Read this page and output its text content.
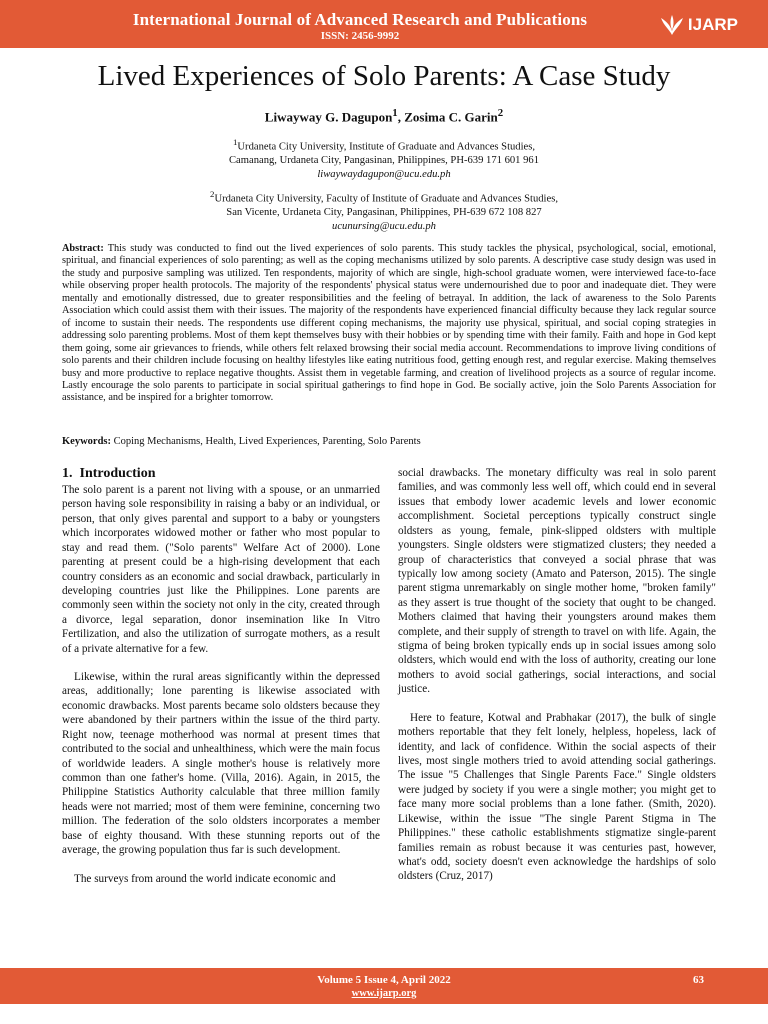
International Journal of Advanced Research and Publications
ISSN: 2456-9992
IJARP
Lived Experiences of Solo Parents: A Case Study
Liwayway G. Dagupon$^1$, Zosima C. Garin$^2$
$^1$Urdaneta City University, Institute of Graduate and Advances Studies,
Camanang, Urdaneta City, Pangasinan, Philippines, PH-639 171 601 961
liwaywaydagupon@ucu.edu.ph
$^2$Urdaneta City University, Faculty of Institute of Graduate and Advances Studies,
San Vicente, Urdaneta City, Pangasinan, Philippines, PH-639 672 108 827
ucunursing@ucu.edu.ph
Abstract: This study was conducted to find out the lived experiences of solo parents. This study tackles the physical, psychological, social, emotional, spiritual, and financial experiences of solo parenting; as well as the coping mechanisms utilized by solo parents. A descriptive case study design was used in the study and purposive sampling was utilized. Ten respondents, majority of which are single, high-school graduate women, were interviewed face-to-face while observing proper health protocols. The majority of the respondents' physical status were undernourished due to poor and inadequate diet. They were mentally and emotionally distressed, due to greater responsibilities and the feeling of betrayal. In addition, the lack of awareness to the Solo Parents Association which could assist them with their issues. The majority of the respondents have experienced financial difficulty because they lack regular source of income to sustain their needs. The respondents use different coping mechanisms, the majority use physical, spiritual, and social coping strategies in addressing solo parenting problems. Most of them kept themselves busy with their hobbies or by spending time with their family. Faith and hope in God kept them going, some air grievances to friends, while others felt relaxed browsing their social media account. Recommendations to improve living conditions of solo parents and their children include focusing on healthy lifestyles like eating nutritious food, getting enough rest, and regular exercise. Making themselves busy and more productive to replace negative thoughts. Assist them in vegetable farming, and creation of livelihood projects as a source of regular income. Lastly encourage the solo parents to participate in social spiritual gatherings to find hope in God. Be socially active, join the Solo Parents Association for assistance, and be inspired for a brighter tomorrow.
Keywords: Coping Mechanisms, Health, Lived Experiences, Parenting, Solo Parents
1. Introduction

The solo parent is a parent not living with a spouse, or an unmarried person having sole responsibility in raising a baby or an individual, or person, that only gives parental and support to a baby or youngsters which incorporates widowed mother or father who most popular to stay and read them. ("Solo parents" Welfare Act of 2000). Lone parenting at present could be a high-rising development that each country considers as an economic and social drawback, particularly in developing countries just like the Philippines. Lone parents are commonly seen within the society not only in the city, created through a divorce, legal separation, donor insemination like In Vitro Fertilization, and also the utilization of surrogate mothers, as a result of a private alternative for a few.

Likewise, within the rural areas significantly within the depressed areas, additionally; lone parenting is likewise associated with economic drawbacks. Most parents became solo oldsters because they were abandoned by their partners within the issue of the third party. Right now, teenage motherhood was normal at present times that contributed to the social and unhealthiness, which were the main focus of worldwide leaders. A single mother's house is relatively more common than one father's home. (Villa, 2016). Again, in 2015, the Philippine Statistics Authority calculable that three million family heads were not married; most of them were feminine, concerning two million. The federation of the solo oldsters incorporates a member base of eighty thousand. With these stunning reports out of the average, the growing population thus far is such development.

The surveys from around the world indicate economic and

social drawbacks. The monetary difficulty was real in solo parent families, and was commonly less well off, which could end in several issues that embody lower academic levels and lower economic accomplishment. Societal perceptions typically construct single oldsters as young, female, pink-slipped oldsters with multiple youngsters. Single oldsters were stigmatized clusters; they needed a group of characteristics that conveyed a social phrase that was typically low among society (Amato and Paterson, 2015). The single parent stigma unremarkably on single mother home, "broken family" as they assert is true thought of the society that ought to be changed. Mothers claimed that having their youngsters around makes them complete, and their supply of strength to travel on with life. Again, the stigma of being broken typically ends up in social issues among solo oldsters, which would end with the loss of authority, creating our lone mothers to avoid social gatherings, social interactions, and social justice.

Here to feature, Kotwal and Prabhakar (2017), the bulk of single mothers reportable that they felt lonely, helpless, hopeless, lack of identity, and lack of confidence. Within the social aspects of their lives, most single mothers tried to avoid attending social gatherings. The issue "5 Challenges that Single Parents Face." Single oldsters were judged by society if you were a single mother; you might get to face many more social problems than a lone father. (Smith, 2020). Likewise, within the issue "The single Parent Stigma in The Philippines." these catholic establishments stigmatize single-parent families remain as robust because it was centuries past, however, what's odd, society doesn't even acknowledge the hardships of solo oldsters (Cruz, 2017)

Volume 5 Issue 4, April 2022
www.ijarp.org
63
